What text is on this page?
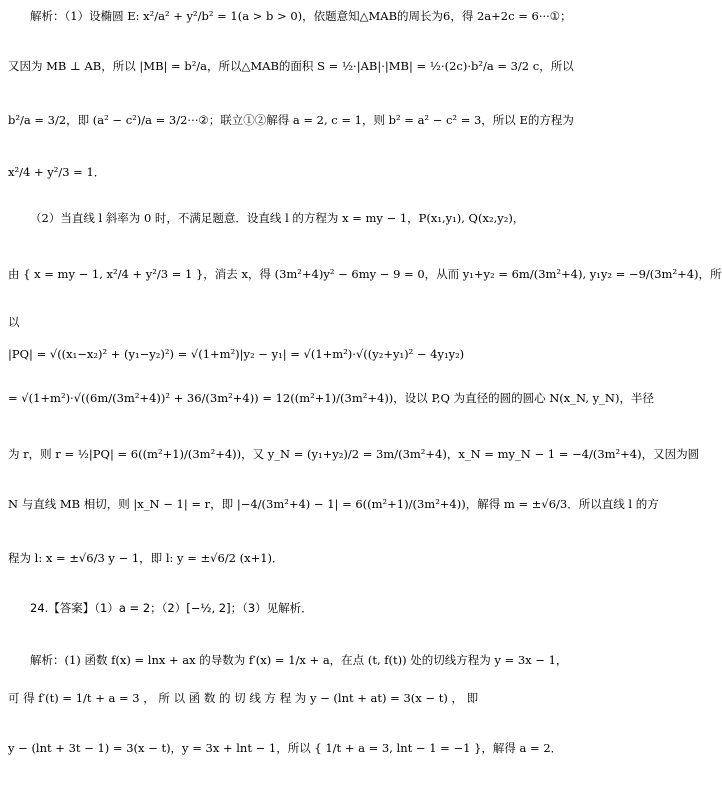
解析：（1）设椭圆 E: x²/a² + y²/b² = 1(a > b > 0)，依题意知△MAB的周长为6，得 2a+2c = 6···①；
又因为 MB ⊥ AB，所以 |MB| = b²/a，所以△MAB的面积 S = ½·|AB|·|MB| = ½·(2c)·b²/a = 3/2 c，所以
b²/a = 3/2，即 (a² − c²)/a = 3/2···②；联立①②解得 a = 2, c = 1，则 b² = a² − c² = 3，所以 E的方程为
x²/4 + y²/3 = 1．
（2）当直线 l 斜率为 0 时，不满足题意．设直线 l 的方程为 x = my − 1，P(x₁,y₁), Q(x₂,y₂)，
由 { x = my − 1, x²/4 + y²/3 = 1 }，消去 x，得 (3m²+4)y² − 6my − 9 = 0，从而 y₁+y₂ = 6m/(3m²+4), y₁y₂ = −9/(3m²+4)，所
以
|PQ| = √((x₁−x₂)² + (y₁−y₂)²) = √(1+m²)|y₂ − y₁| = √(1+m²)·√((y₂+y₁)² − 4y₁y₂)
= √(1+m²)·√((6m/(3m²+4))² + 36/(3m²+4)) = 12((m²+1)/(3m²+4))，设以 P,Q 为直径的圆的圆心 N(x_N, y_N)，半径
为 r，则 r = ½|PQ| = 6((m²+1)/(3m²+4))，又 y_N = (y₁+y₂)/2 = 3m/(3m²+4)，x_N = my_N − 1 = −4/(3m²+4)，又因为圆
N 与直线 MB 相切，则 |x_N − 1| = r，即 |−4/(3m²+4) − 1| = 6((m²+1)/(3m²+4))，解得 m = ±√6/3．所以直线 l 的方
程为 l: x = ±√6/3 y − 1，即 l: y = ±√6/2 (x+1)．
24.【答案】（1）a = 2；（2）[−½, 2]；（3）见解析．
解析：(1) 函数 f(x) = lnx + ax 的导数为 f′(x) = 1/x + a，在点 (t, f(t)) 处的切线方程为 y = 3x − 1，
可 得 f′(t) = 1/t + a = 3 ， 所 以 函 数 的 切 线 方 程 为 y − (lnt + at) = 3(x − t) ， 即
y − (lnt + 3t − 1) = 3(x − t)，y = 3x + lnt − 1，所以 { 1/t + a = 3, lnt − 1 = −1 }，解得 a = 2．
